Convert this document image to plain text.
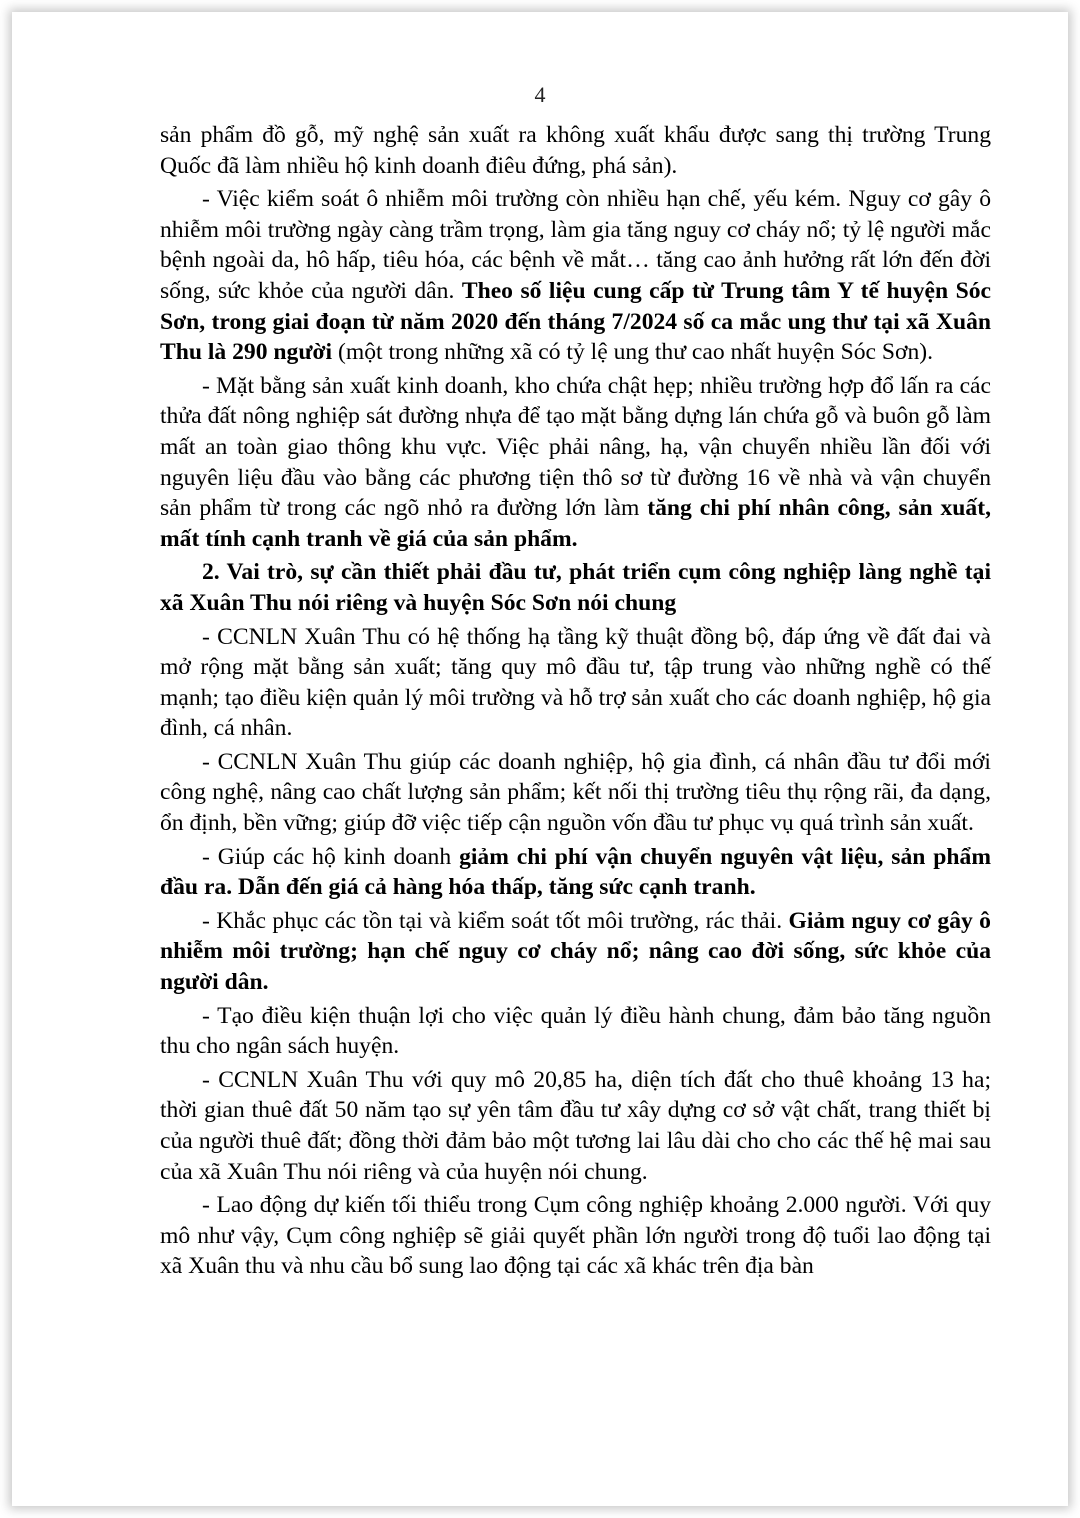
4

sản phẩm đồ gỗ, mỹ nghệ sản xuất ra không xuất khẩu được sang thị trường Trung Quốc đã làm nhiều hộ kinh doanh điêu đứng, phá sản).

- Việc kiểm soát ô nhiễm môi trường còn nhiều hạn chế, yếu kém. Nguy cơ gây ô nhiễm môi trường ngày càng trầm trọng, làm gia tăng nguy cơ cháy nổ; tỷ lệ người mắc bệnh ngoài da, hô hấp, tiêu hóa, các bệnh về mắt… tăng cao ảnh hưởng rất lớn đến đời sống, sức khỏe của người dân. Theo số liệu cung cấp từ Trung tâm Y tế huyện Sóc Sơn, trong giai đoạn từ năm 2020 đến tháng 7/2024 số ca mắc ung thư tại xã Xuân Thu là 290 người (một trong những xã có tỷ lệ ung thư cao nhất huyện Sóc Sơn).

- Mặt bằng sản xuất kinh doanh, kho chứa chật hẹp; nhiều trường hợp đổ lấn ra các thửa đất nông nghiệp sát đường nhựa để tạo mặt bằng dựng lán chứa gỗ và buôn gỗ làm mất an toàn giao thông khu vực. Việc phải nâng, hạ, vận chuyển nhiều lần đối với nguyên liệu đầu vào bằng các phương tiện thô sơ từ đường 16 về nhà và vận chuyển sản phẩm từ trong các ngõ nhỏ ra đường lớn làm tăng chi phí nhân công, sản xuất, mất tính cạnh tranh về giá của sản phẩm.

2. Vai trò, sự cần thiết phải đầu tư, phát triển cụm công nghiệp làng nghề tại xã Xuân Thu nói riêng và huyện Sóc Sơn nói chung

- CCNLN Xuân Thu có hệ thống hạ tầng kỹ thuật đồng bộ, đáp ứng về đất đai và mở rộng mặt bằng sản xuất; tăng quy mô đầu tư, tập trung vào những nghề có thế mạnh; tạo điều kiện quản lý môi trường và hỗ trợ sản xuất cho các doanh nghiệp, hộ gia đình, cá nhân.

- CCNLN Xuân Thu giúp các doanh nghiệp, hộ gia đình, cá nhân đầu tư đổi mới công nghệ, nâng cao chất lượng sản phẩm; kết nối thị trường tiêu thụ rộng rãi, đa dạng, ổn định, bền vững; giúp đỡ việc tiếp cận nguồn vốn đầu tư phục vụ quá trình sản xuất.

- Giúp các hộ kinh doanh giảm chi phí vận chuyển nguyên vật liệu, sản phẩm đầu ra. Dẫn đến giá cả hàng hóa thấp, tăng sức cạnh tranh.

- Khắc phục các tồn tại và kiểm soát tốt môi trường, rác thải. Giảm nguy cơ gây ô nhiễm môi trường; hạn chế nguy cơ cháy nổ; nâng cao đời sống, sức khỏe của người dân.

- Tạo điều kiện thuận lợi cho việc quản lý điều hành chung, đảm bảo tăng nguồn thu cho ngân sách huyện.

- CCNLN Xuân Thu với quy mô 20,85 ha, diện tích đất cho thuê khoảng 13 ha; thời gian thuê đất 50 năm tạo sự yên tâm đầu tư xây dựng cơ sở vật chất, trang thiết bị của người thuê đất; đồng thời đảm bảo một tương lai lâu dài cho cho các thế hệ mai sau của xã Xuân Thu nói riêng và của huyện nói chung.

- Lao động dự kiến tối thiểu trong Cụm công nghiệp khoảng 2.000 người. Với quy mô như vậy, Cụm công nghiệp sẽ giải quyết phần lớn người trong độ tuổi lao động tại xã Xuân thu và nhu cầu bổ sung lao động tại các xã khác trên địa bàn
